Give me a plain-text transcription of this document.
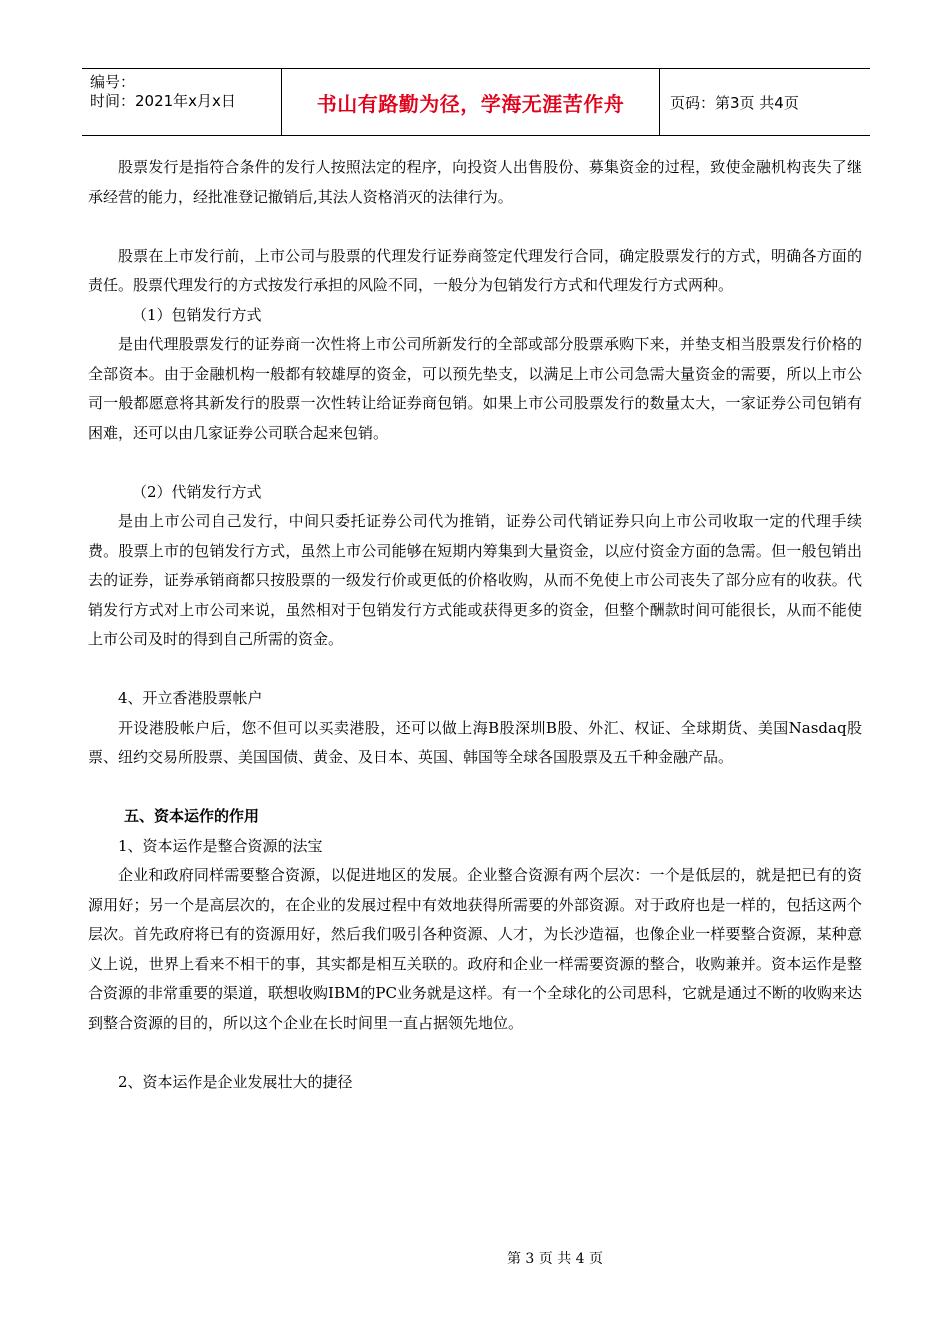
编号：
时间：2021年x月x日	书山有路勤为径，学海无涯苦作舟	页码：第3页 共4页

股票发行是指符合条件的发行人按照法定的程序，向投资人出售股份、募集资金的过程，致使金融机构丧失了继承经营的能力，经批准登记撤销后,其法人资格消灭的法律行为。

股票在上市发行前，上市公司与股票的代理发行证券商签定代理发行合同，确定股票发行的方式，明确各方面的责任。股票代理发行的方式按发行承担的风险不同，一般分为包销发行方式和代理发行方式两种。

（1）包销发行方式

是由代理股票发行的证券商一次性将上市公司所新发行的全部或部分股票承购下来，并垫支相当股票发行价格的全部资本。由于金融机构一般都有较雄厚的资金，可以预先垫支，以满足上市公司急需大量资金的需要，所以上市公司一般都愿意将其新发行的股票一次性转让给证券商包销。如果上市公司股票发行的数量太大，一家证券公司包销有困难，还可以由几家证券公司联合起来包销。

（2）代销发行方式

是由上市公司自己发行，中间只委托证券公司代为推销，证券公司代销证券只向上市公司收取一定的代理手续费。股票上市的包销发行方式，虽然上市公司能够在短期内筹集到大量资金，以应付资金方面的急需。但一般包销出去的证券，证券承销商都只按股票的一级发行价或更低的价格收购，从而不免使上市公司丧失了部分应有的收获。代销发行方式对上市公司来说，虽然相对于包销发行方式能或获得更多的资金，但整个酬款时间可能很长，从而不能使上市公司及时的得到自己所需的资金。

4、开立香港股票帐户

开设港股帐户后，您不但可以买卖港股，还可以做上海B股深圳B股、外汇、权证、全球期货、美国Nasdaq股票、纽约交易所股票、美国国债、黄金、及日本、英国、韩国等全球各国股票及五千种金融产品。

五、资本运作的作用

1、资本运作是整合资源的法宝

企业和政府同样需要整合资源，以促进地区的发展。企业整合资源有两个层次：一个是低层的，就是把已有的资源用好；另一个是高层次的，在企业的发展过程中有效地获得所需要的外部资源。对于政府也是一样的，包括这两个层次。首先政府将已有的资源用好，然后我们吸引各种资源、人才，为长沙造福，也像企业一样要整合资源，某种意义上说，世界上看来不相干的事，其实都是相互关联的。政府和企业一样需要资源的整合，收购兼并。资本运作是整合资源的非常重要的渠道，联想收购IBM的PC业务就是这样。有一个全球化的公司思科，它就是通过不断的收购来达到整合资源的目的，所以这个企业在长时间里一直占据领先地位。

2、资本运作是企业发展壮大的捷径

第 3 页 共 4 页
